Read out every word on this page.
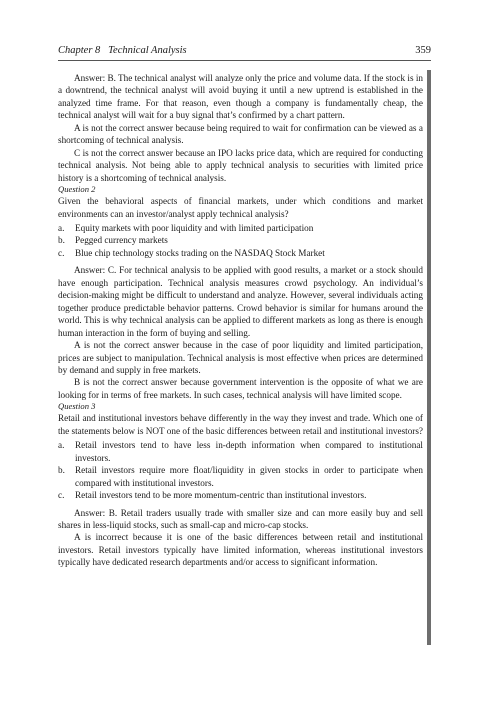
Chapter 8 Technical Analysis	359

Answer: B. The technical analyst will analyze only the price and volume data. If the stock is in a downtrend, the technical analyst will avoid buying it until a new uptrend is established in the analyzed time frame. For that reason, even though a company is fundamentally cheap, the technical analyst will wait for a buy signal that’s confirmed by a chart pattern.

A is not the correct answer because being required to wait for confirmation can be viewed as a shortcoming of technical analysis.

C is not the correct answer because an IPO lacks price data, which are required for conducting technical analysis. Not being able to apply technical analysis to securities with limited price history is a shortcoming of technical analysis.

Question 2

Given the behavioral aspects of financial markets, under which conditions and market environments can an investor/analyst apply technical analysis?

a. Equity markets with poor liquidity and with limited participation
b. Pegged currency markets
c. Blue chip technology stocks trading on the NASDAQ Stock Market

Answer: C. For technical analysis to be applied with good results, a market or a stock should have enough participation. Technical analysis measures crowd psychology. An individual’s decision-making might be difficult to understand and analyze. However, several individuals acting together produce predictable behavior patterns. Crowd behavior is similar for humans around the world. This is why technical analysis can be applied to different markets as long as there is enough human interaction in the form of buying and selling.

A is not the correct answer because in the case of poor liquidity and limited participation, prices are subject to manipulation. Technical analysis is most effective when prices are determined by demand and supply in free markets.

B is not the correct answer because government intervention is the opposite of what we are looking for in terms of free markets. In such cases, technical analysis will have limited scope.

Question 3

Retail and institutional investors behave differently in the way they invest and trade. Which one of the statements below is NOT one of the basic differences between retail and institutional investors?

a. Retail investors tend to have less in-depth information when compared to institutional investors.
b. Retail investors require more float/liquidity in given stocks in order to participate when compared with institutional investors.
c. Retail investors tend to be more momentum-centric than institutional investors.

Answer: B. Retail traders usually trade with smaller size and can more easily buy and sell shares in less-liquid stocks, such as small-cap and micro-cap stocks.

A is incorrect because it is one of the basic differences between retail and institutional investors. Retail investors typically have limited information, whereas institutional investors typically have dedicated research departments and/or access to significant information.
